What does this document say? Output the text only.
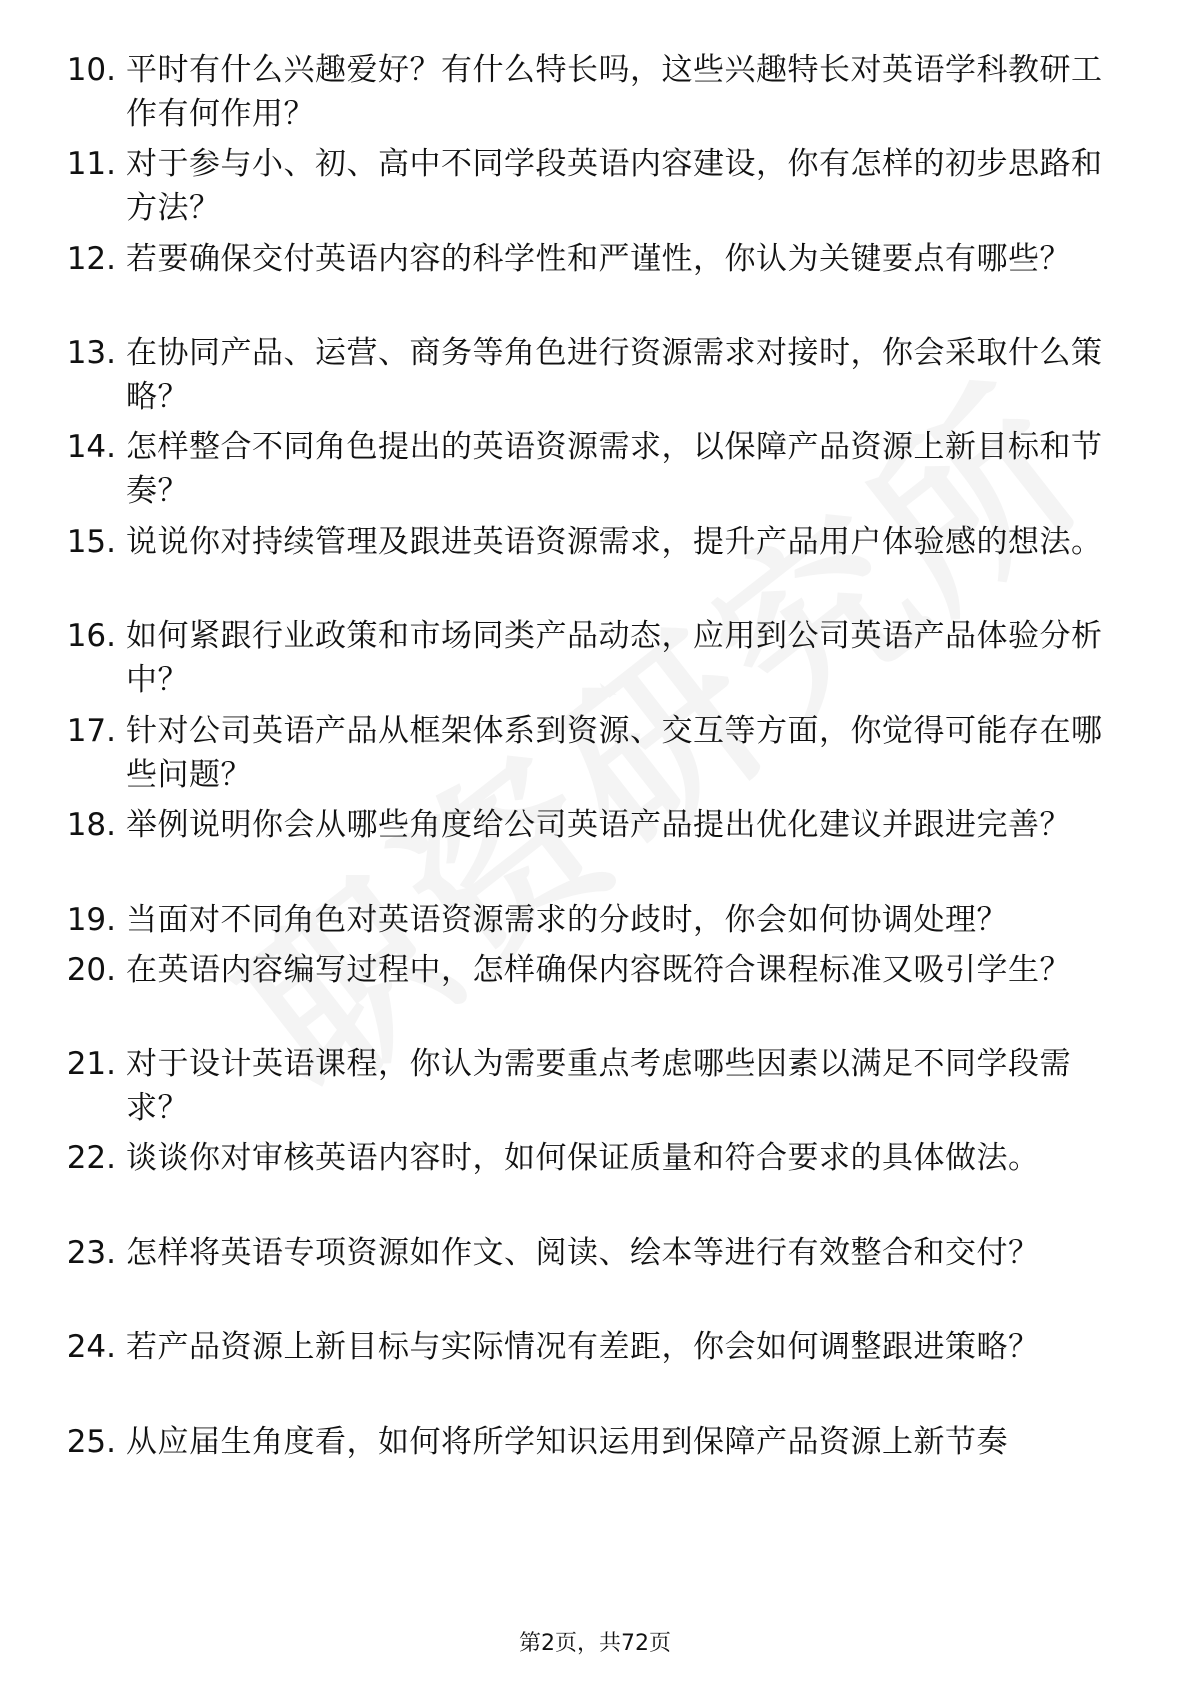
10. 平时有什么兴趣爱好？有什么特长吗，这些兴趣特长对英语学科教研工作有何作用？
11. 对于参与小、初、高中不同学段英语内容建设，你有怎样的初步思路和方法？
12. 若要确保交付英语内容的科学性和严谨性，你认为关键要点有哪些？
13. 在协同产品、运营、商务等角色进行资源需求对接时，你会采取什么策略？
14. 怎样整合不同角色提出的英语资源需求，以保障产品资源上新目标和节奏？
15. 说说你对持续管理及跟进英语资源需求，提升产品用户体验感的想法。
16. 如何紧跟行业政策和市场同类产品动态，应用到公司英语产品体验分析中？
17. 针对公司英语产品从框架体系到资源、交互等方面，你觉得可能存在哪些问题？
18. 举例说明你会从哪些角度给公司英语产品提出优化建议并跟进完善？
19. 当面对不同角色对英语资源需求的分歧时，你会如何协调处理？
20. 在英语内容编写过程中，怎样确保内容既符合课程标准又吸引学生？
21. 对于设计英语课程，你认为需要重点考虑哪些因素以满足不同学段需求？
22. 谈谈你对审核英语内容时，如何保证质量和符合要求的具体做法。
23. 怎样将英语专项资源如作文、阅读、绘本等进行有效整合和交付？
24. 若产品资源上新目标与实际情况有差距，你会如何调整跟进策略？
25. 从应届生角度看，如何将所学知识运用到保障产品资源上新节奏
第2页，共72页
